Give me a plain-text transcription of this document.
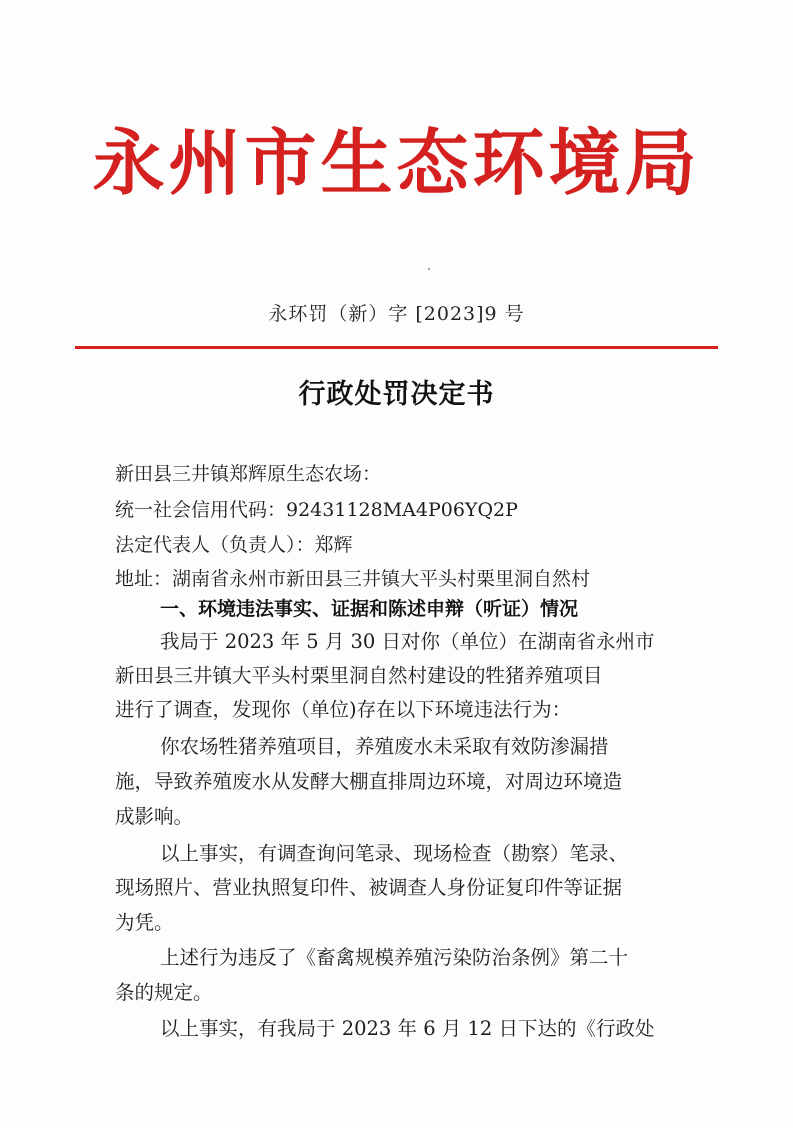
永州市生态环境局
永环罚（新）字 [2023]9 号
行政处罚决定书
新田县三井镇郑辉原生态农场：
统一社会信用代码：92431128MA4P06YQ2P
法定代表人（负责人）：郑辉
地址：湖南省永州市新田县三井镇大平头村栗里洞自然村
一、环境违法事实、证据和陈述申辩（听证）情况
我局于 2023 年 5 月 30 日对你（单位）在湖南省永州市
新田县三井镇大平头村栗里洞自然村建设的牲猪养殖项目
进行了调查，发现你（单位)存在以下环境违法行为：
你农场牲猪养殖项目，养殖废水未采取有效防渗漏措
施，导致养殖废水从发酵大棚直排周边环境，对周边环境造
成影响。
以上事实，有调查询问笔录、现场检查（勘察）笔录、
现场照片、营业执照复印件、被调查人身份证复印件等证据
为凭。
上述行为违反了《畜禽规模养殖污染防治条例》第二十
条的规定。
以上事实，有我局于 2023 年 6 月 12 日下达的《行政处
